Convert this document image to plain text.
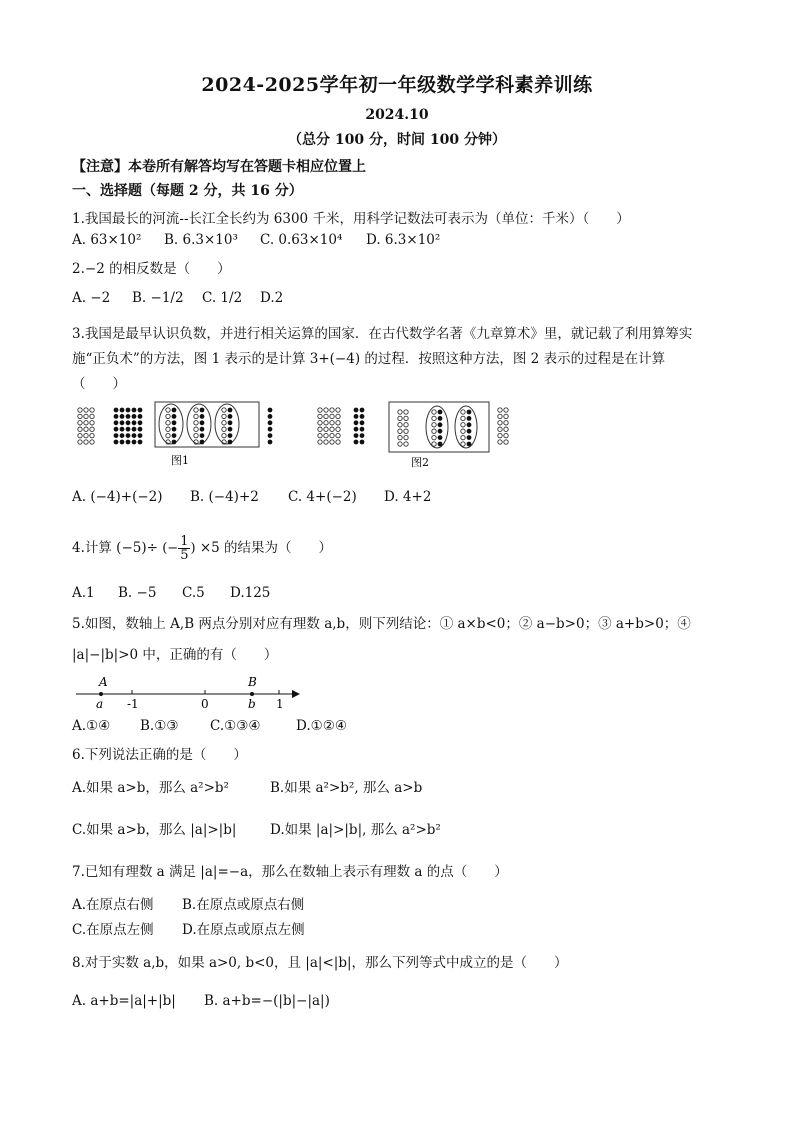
2024-2025学年初一年级数学学科素养训练
2024.10
（总分 100 分，时间 100 分钟）
【注意】本卷所有解答均写在答题卡相应位置上
一、选择题（每题 2 分，共 16 分）
1.我国最长的河流--长江全长约为 6300 千米，用科学记数法可表示为（单位：千米）（　　）
A. 63×10² B. 6.3×10³ C. 0.63×10⁴ D. 6.3×10²
2.−2 的相反数是（　　）
A. −2 B. −1/2 C. 1/2 D.2
3.我国是最早认识负数，并进行相关运算的国家．在古代数学名著《九章算术》里，就记载了利用算筹实
施“正负术”的方法，图 1 表示的是计算 3+(−4) 的过程．按照这种方法，图 2 表示的过程是在计算
（　　）
图1	图2
A. (−4)+(−2) B. (−4)+2 C. 4+(−2) D. 4+2
4.计算 (−5)÷ (− $\frac{1}{5}$ ) ×5 的结果为（　　）
A.1 B. −5 C.5 D.125
5.如图，数轴上 A,B 两点分别对应有理数 a,b，则下列结论：① a×b<0；② a−b>0；③ a+b>0；④
|a|−|b|>0 中，正确的有（　　）
A	B
a	b
-1	0	1
A.①④ B.①③ C.①③④	D.①②④
6.下列说法正确的是（　　）
A.如果 a>b，那么 a²>b²	B.如果 a²>b², 那么 a>b
C.如果 a>b，那么 |a|>|b| D.如果 |a|>|b|, 那么 a²>b²
7.已知有理数 a 满足 |a|=−a，那么在数轴上表示有理数 a 的点（　　）
A.在原点右侧 B.在原点或原点右侧
C.在原点左侧 D.在原点或原点左侧
8.对于实数 a,b，如果 a>0, b<0，且 |a|<|b|，那么下列等式中成立的是（　　）
A. a+b=|a|+|b| B. a+b=−(|b|−|a|)
